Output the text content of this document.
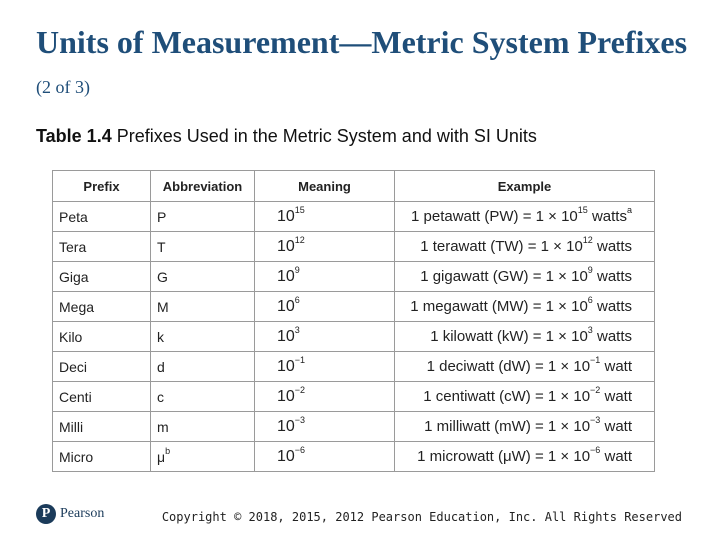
Units of Measurement—Metric System Prefixes (2 of 3)
Table 1.4 Prefixes Used in the Metric System and with SI Units
Prefix	Abbreviation	Meaning	Example
Peta	P	$10^{15}$	1 petawatt $(PW) = 1 \times 10^{15}$ watts$^a$
Tera	T	$10^{12}$	1 terawatt $(TW) = 1 \times 10^{12}$ watts
Giga	G	$10^9$	1 gigawatt $(GW) = 1 \times 10^9$ watts
Mega	M	$10^6$	1 megawatt $(MW) = 1 \times 10^6$ watts
Kilo	k	$10^3$	1 kilowatt $(kW) = 1 \times 10^3$ watts
Deci	d	$10^{-1}$	1 deciwatt $(dW) = 1 \times 10^{-1}$ watt
Centi	c	$10^{-2}$	1 centiwatt $(cW) = 1 \times 10^{-2}$ watt
Milli	m	$10^{-3}$	1 milliwatt $(mW) = 1 \times 10^{-3}$ watt
Micro	$\mu^b$	$10^{-6}$	1 microwatt $(\mu W) = 1 \times 10^{-6}$ watt
P Pearson	Copyright © 2018, 2015, 2012 Pearson Education, Inc. All Rights Reserved
